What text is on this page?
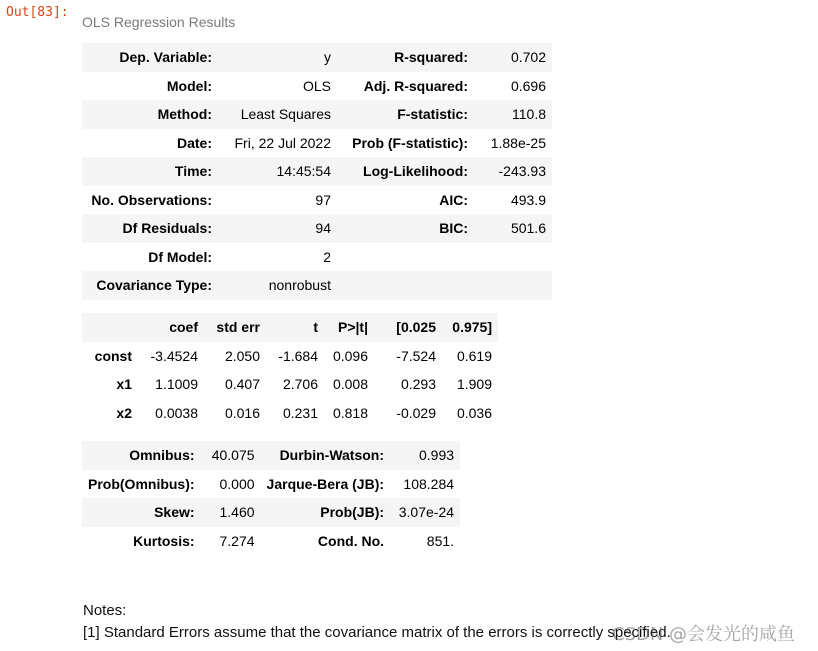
Out[83]:
OLS Regression Results
Dep. Variable:	y	R-squared:	0.702
Model:	OLS	Adj. R-squared:	0.696
Method:	Least Squares	F-statistic:	110.8
Date:	Fri, 22 Jul 2022	Prob (F-statistic):	1.88e-25
Time:	14:45:54	Log-Likelihood:	-243.93
No. Observations:	97	AIC:	493.9
Df Residuals:	94	BIC:	501.6
Df Model:	2		
Covariance Type:	nonrobust		
	coef	std err	t	P>|t|	[0.025	0.975]
const	-3.4524	2.050	-1.684	0.096	-7.524	0.619
x1	1.1009	0.407	2.706	0.008	0.293	1.909
x2	0.0038	0.016	0.231	0.818	-0.029	0.036
Omnibus:	40.075	Durbin-Watson:	0.993
Prob(Omnibus):	0.000	Jarque-Bera (JB):	108.284
Skew:	1.460	Prob(JB):	3.07e-24
Kurtosis:	7.274	Cond. No.	851.
Notes:
[1] Standard Errors assume that the covariance matrix of the errors is correctly specified.
CSDN @会发光的咸鱼
